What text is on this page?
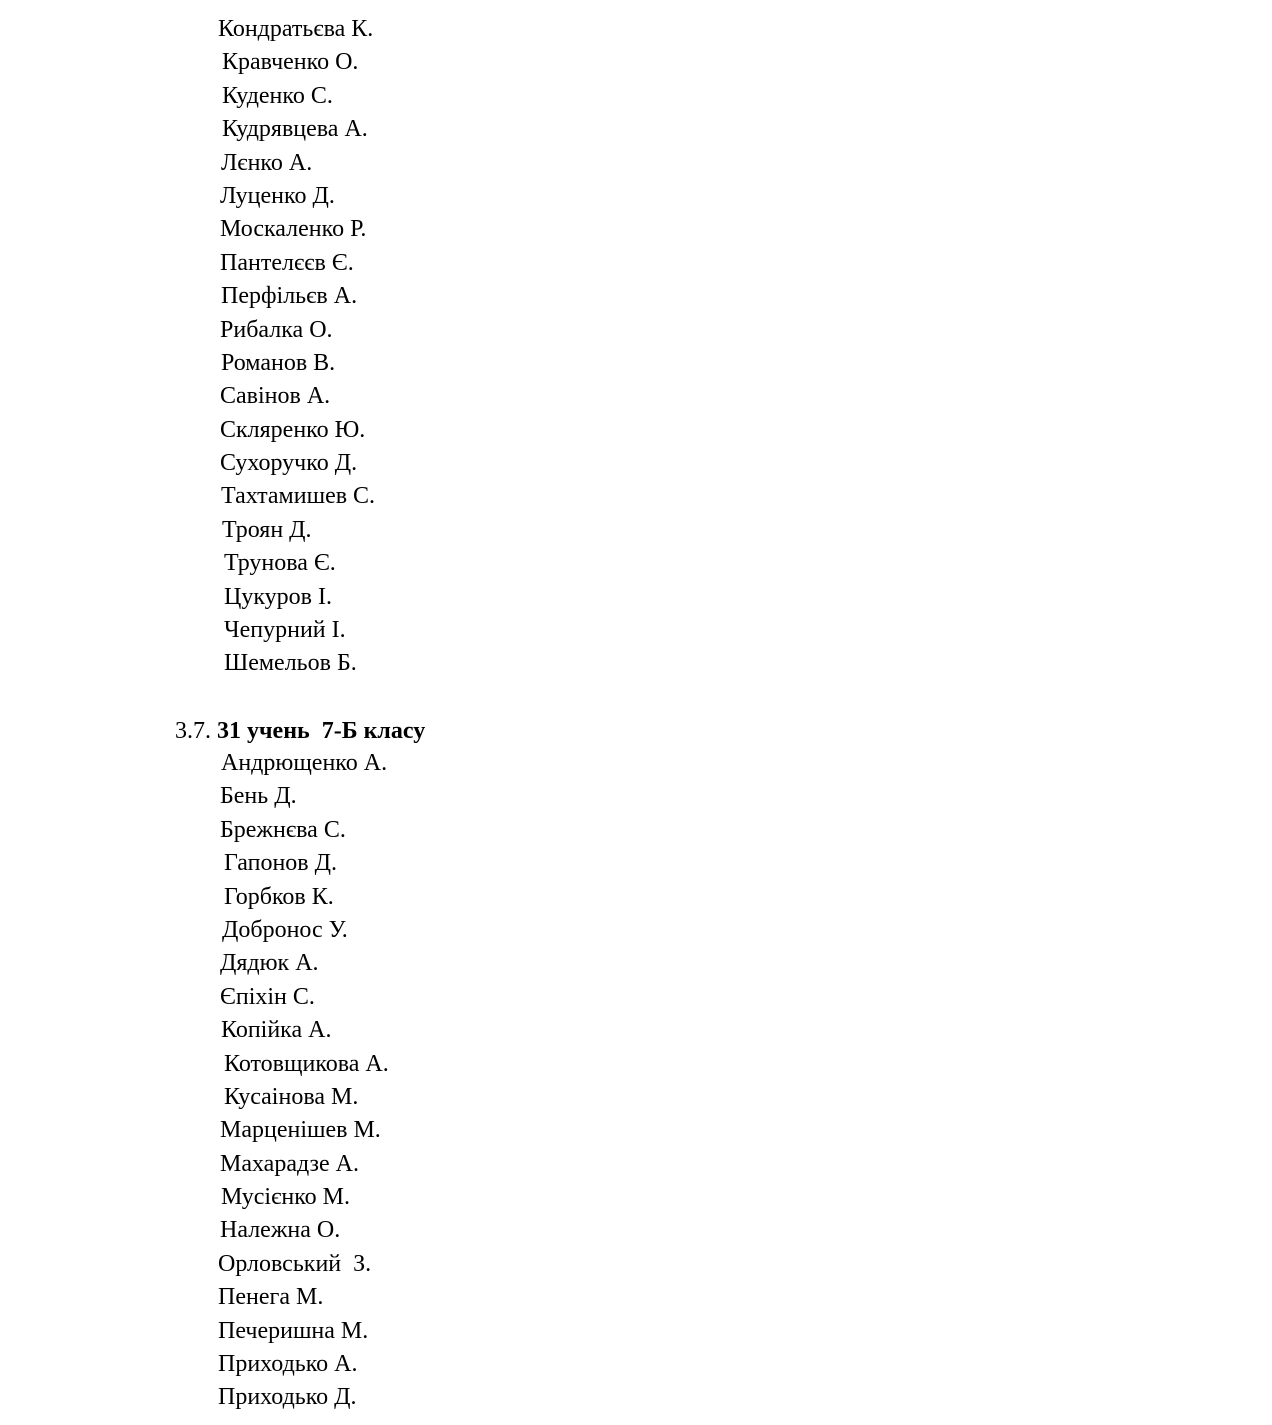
Кондратьєва К.
Кравченко О.
Куденко С.
Кудрявцева А.
Лєнко А.
Луценко Д.
Москаленко Р.
Пантелєєв Є.
Перфільєв А.
Рибалка О.
Романов В.
Савінов А.
Скляренко Ю.
Сухоручко Д.
Тахтамишев С.
Троян Д.
Трунова Є.
Цукуров І.
Чепурний І.
Шемельов Б.
3.7. 31 учень  7-Б класу
Андрющенко А.
Бень Д.
Брежнєва С.
Гапонов Д.
Горбков К.
Добронос У.
Дядюк А.
Єпіхін С.
Копійка А.
Котовщикова А.
Кусаінова М.
Марценішев М.
Махарадзе А.
Мусієнко М.
Належна О.
Орловський  З.
Пенега М.
Печеришна М.
Приходько А.
Приходько Д.
